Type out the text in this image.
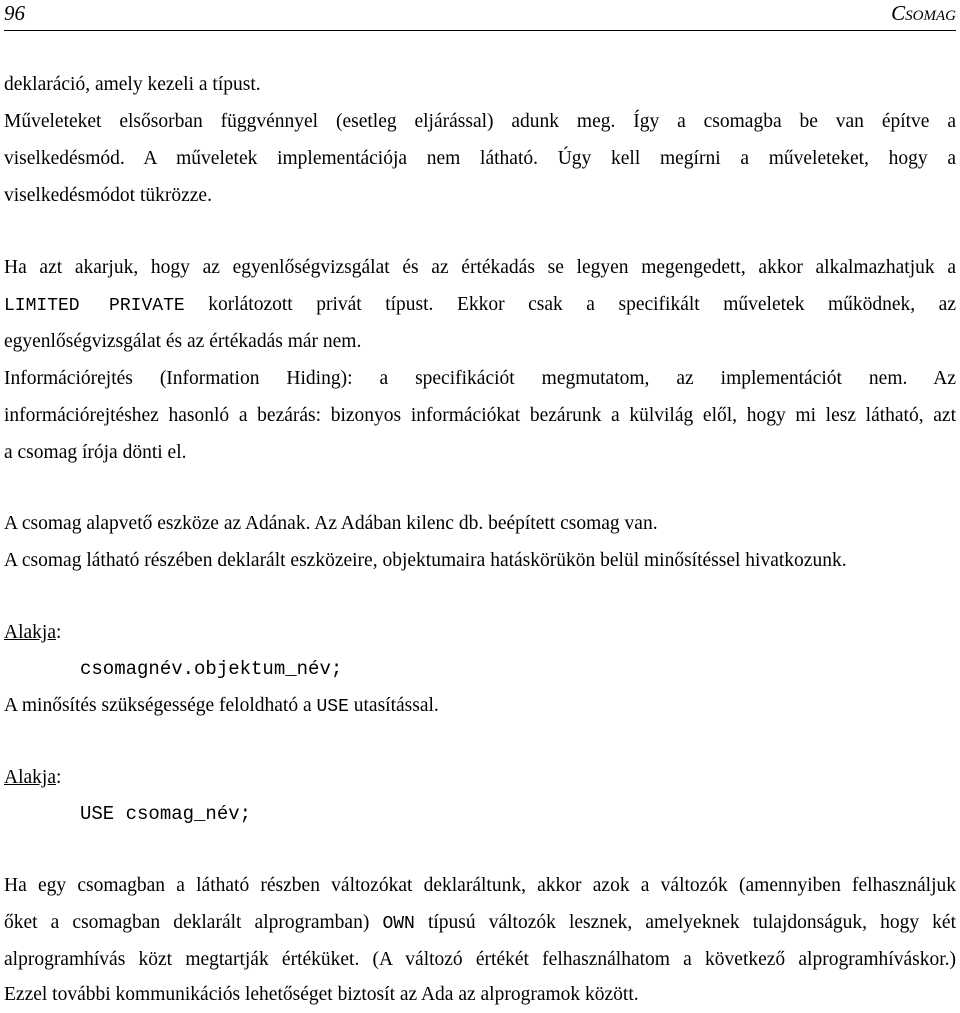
96	Csomag

deklaráció, amely kezeli a típust.

Műveleteket elsősorban függvénnyel (esetleg eljárással) adunk meg. Így a csomagba be van építve a

viselkedésmód. A műveletek implementációja nem látható. Úgy kell megírni a műveleteket, hogy a

viselkedésmódot tükrözze.

Ha azt akarjuk, hogy az egyenlőségvizsgálat és az értékadás se legyen megengedett, akkor alkalmazhatjuk a

LIMITED PRIVATE korlátozott privát típust. Ekkor csak a specifikált műveletek működnek, az

egyenlőségvizsgálat és az értékadás már nem.

Információrejtés (Information Hiding): a specifikációt megmutatom, az implementációt nem. Az

információrejtéshez hasonló a bezárás: bizonyos információkat bezárunk a külvilág elől, hogy mi lesz látható, azt

a csomag írója dönti el.

A csomag alapvető eszköze az Adának. Az Adában kilenc db. beépített csomag van.

A csomag látható részében deklarált eszközeire, objektumaira hatáskörükön belül minősítéssel hivatkozunk.

Alakja:

csomagnév.objektum_név;

A minősítés szükségessége feloldható a USE utasítással.

Alakja:

USE csomag_név;

Ha egy csomagban a látható részben változókat deklaráltunk, akkor azok a változók (amennyiben felhasználjuk

őket a csomagban deklarált alprogramban) OWN típusú változók lesznek, amelyeknek tulajdonságuk, hogy két

alprogramhívás közt megtartják értéküket. (A változó értékét felhasználhatom a következő alprogramhíváskor.)

Ezzel további kommunikációs lehetőséget biztosít az Ada az alprogramok között.
